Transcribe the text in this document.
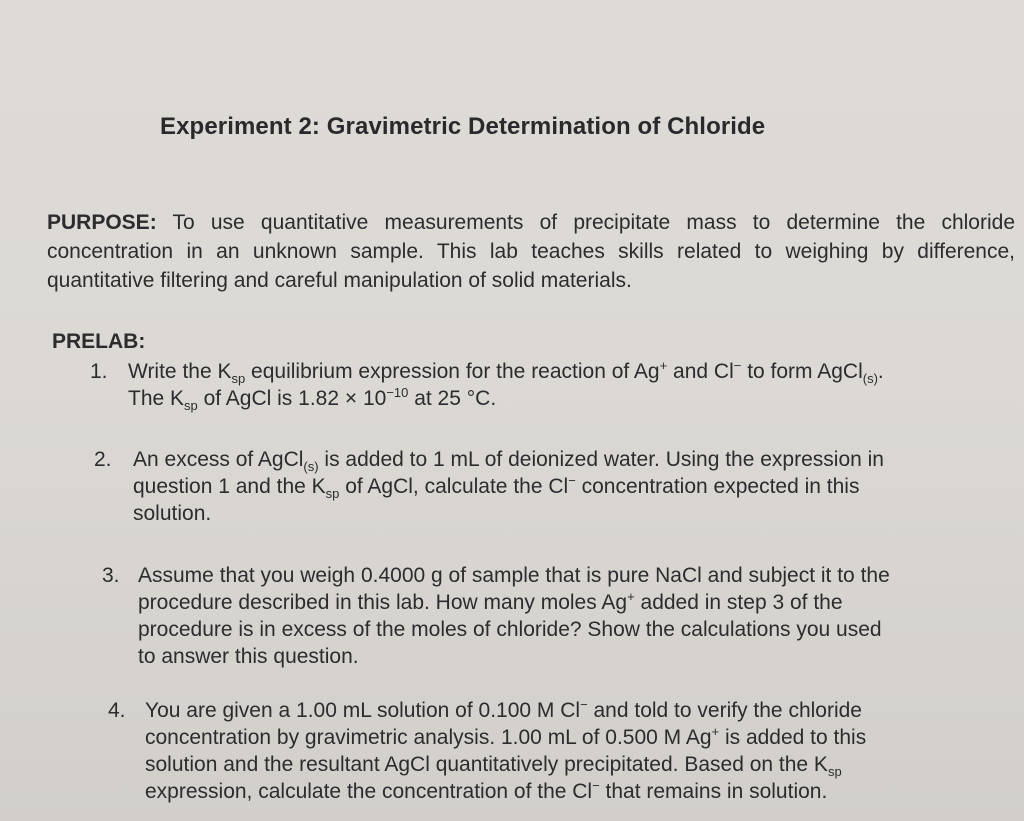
Experiment 2: Gravimetric Determination of Chloride
PURPOSE: To use quantitative measurements of precipitate mass to determine the chloride concentration in an unknown sample. This lab teaches skills related to weighing by difference, quantitative filtering and careful manipulation of solid materials.
PRELAB:
1. Write the $K_{sp}$ equilibrium expression for the reaction of Ag+ and Cl− to form AgCl$_{(s)}$.
The $K_{sp}$ of AgCl is $1.82 \times 10^{-10}$ at 25 °C.
2. An excess of AgCl$_{(s)}$ is added to 1 mL of deionized water. Using the expression in
question 1 and the $K_{sp}$ of AgCl, calculate the Cl− concentration expected in this
solution.
3. Assume that you weigh 0.4000 g of sample that is pure NaCl and subject it to the
procedure described in this lab. How many moles Ag+ added in step 3 of the
procedure is in excess of the moles of chloride? Show the calculations you used
to answer this question.
4. You are given a 1.00 mL solution of 0.100 M Cl− and told to verify the chloride
concentration by gravimetric analysis. 1.00 mL of 0.500 M Ag+ is added to this
solution and the resultant AgCl quantitatively precipitated. Based on the $K_{sp}$
expression, calculate the concentration of the Cl− that remains in solution.
